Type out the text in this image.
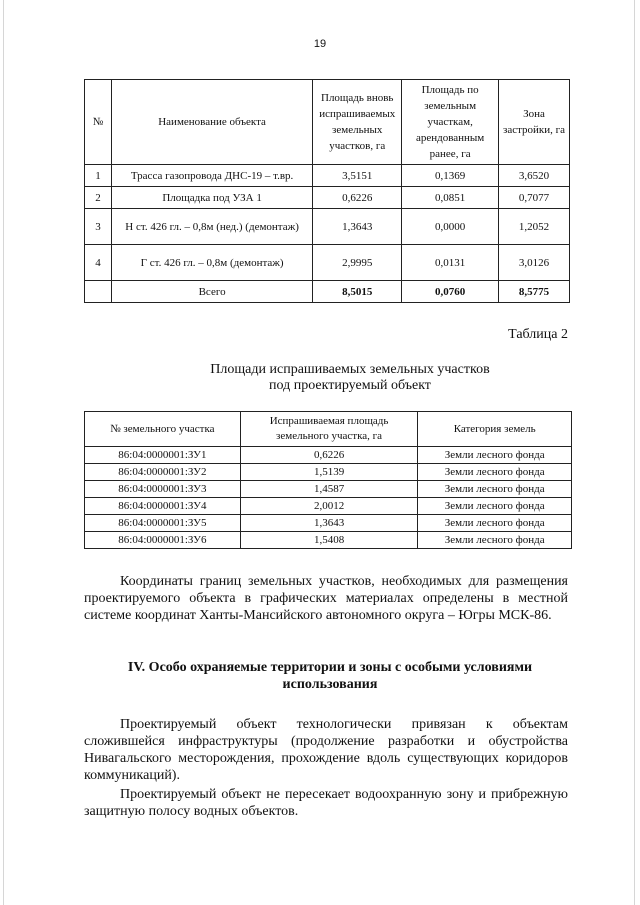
19
№	Наименование объекта	Площадь вновь испрашиваемых земельных участков, га	Площадь по земельным участкам, арендованным ранее, га	Зона застройки, га
1	Трасса газопровода ДНС-19 – т.вр.	3,5151	0,1369	3,6520
2	Площадка под УЗА 1	0,6226	0,0851	0,7077
3	Н ст. 426 гл. – 0,8м (нед.) (демонтаж)	1,3643	0,0000	1,2052
4	Г ст. 426 гл. – 0,8м (демонтаж)	2,9995	0,0131	3,0126
	Всего	8,5015	0,0760	8,5775
Таблица 2
Площади испрашиваемых земельных участков
под проектируемый объект
№ земельного участка	Испрашиваемая площадь земельного участка, га	Категория земель
86:04:0000001:ЗУ1	0,6226	Земли лесного фонда
86:04:0000001:ЗУ2	1,5139	Земли лесного фонда
86:04:0000001:ЗУ3	1,4587	Земли лесного фонда
86:04:0000001:ЗУ4	2,0012	Земли лесного фонда
86:04:0000001:ЗУ5	1,3643	Земли лесного фонда
86:04:0000001:ЗУ6	1,5408	Земли лесного фонда

Координаты границ земельных участков, необходимых для размещения проектируемого объекта в графических материалах определены в местной системе координат Ханты-Мансийского автономного округа – Югры МСК-86.

IV. Особо охраняемые территории и зоны с особыми условиями использования

Проектируемый объект технологически привязан к объектам сложившейся инфраструктуры (продолжение разработки и обустройства Нивагальского месторождения, прохождение вдоль существующих коридоров коммуникаций).

Проектируемый объект не пересекает водоохранную зону и прибрежную защитную полосу водных объектов.
